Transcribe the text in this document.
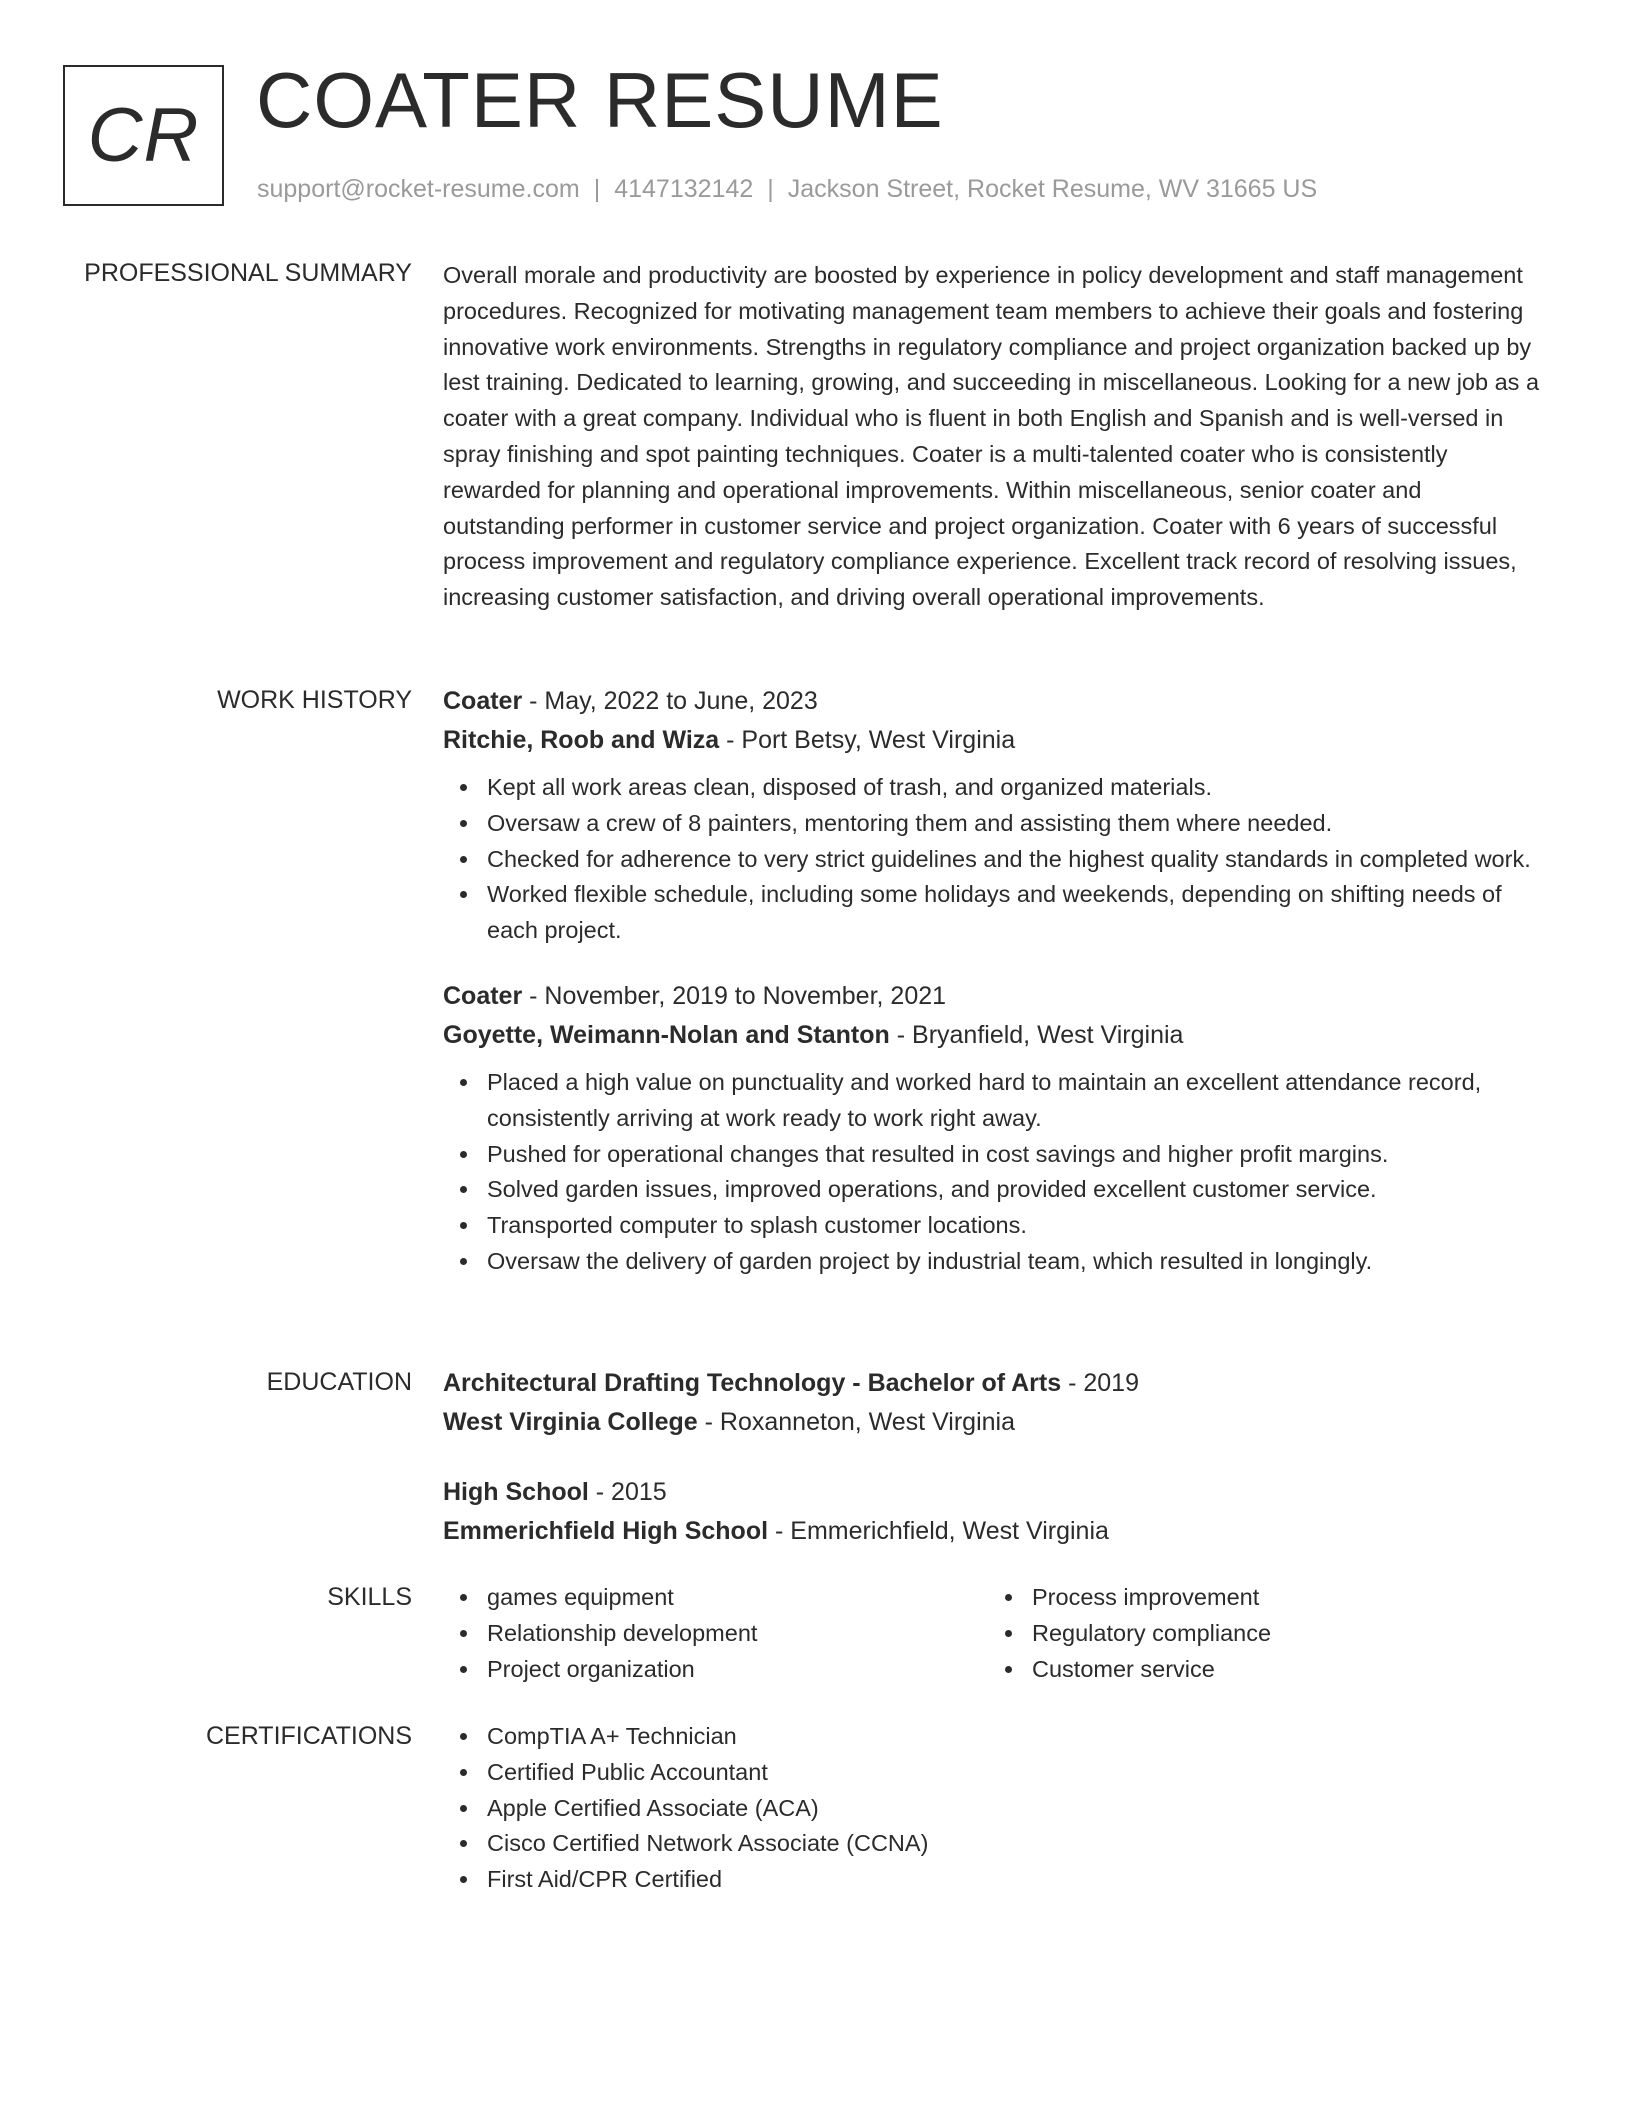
CR COATER RESUME
support@rocket-resume.com | 4147132142 | Jackson Street, Rocket Resume, WV 31665 US
PROFESSIONAL SUMMARY Overall morale and productivity are boosted by experience in policy development and staff management procedures. Recognized for motivating management team members to achieve their goals and fostering innovative work environments. Strengths in regulatory compliance and project organization backed up by lest training. Dedicated to learning, growing, and succeeding in miscellaneous. Looking for a new job as a coater with a great company. Individual who is fluent in both English and Spanish and is well-versed in spray finishing and spot painting techniques. Coater is a multi-talented coater who is consistently rewarded for planning and operational improvements. Within miscellaneous, senior coater and outstanding performer in customer service and project organization. Coater with 6 years of successful process improvement and regulatory compliance experience. Excellent track record of resolving issues, increasing customer satisfaction, and driving overall operational improvements.

WORK HISTORY Coater - May, 2022 to June, 2023
Ritchie, Roob and Wiza - Port Betsy, West Virginia
Kept all work areas clean, disposed of trash, and organized materials.
Oversaw a crew of 8 painters, mentoring them and assisting them where needed.
Checked for adherence to very strict guidelines and the highest quality standards in completed work.
Worked flexible schedule, including some holidays and weekends, depending on shifting needs of each project.
Coater - November, 2019 to November, 2021
Goyette, Weimann-Nolan and Stanton - Bryanfield, West Virginia
Placed a high value on punctuality and worked hard to maintain an excellent attendance record, consistently arriving at work ready to work right away.
Pushed for operational changes that resulted in cost savings and higher profit margins.
Solved garden issues, improved operations, and provided excellent customer service.
Transported computer to splash customer locations.
Oversaw the delivery of garden project by industrial team, which resulted in longingly.
EDUCATION Architectural Drafting Technology - Bachelor of Arts - 2019
West Virginia College - Roxanneton, West Virginia
High School - 2015
Emmerichfield High School - Emmerichfield, West Virginia
SKILLS	games equipment
Relationship development
Project organization
Process improvement
Regulatory compliance
Customer service
CERTIFICATIONS	CompTIA A+ Technician
Certified Public Accountant
Apple Certified Associate (ACA)
Cisco Certified Network Associate (CCNA)
First Aid/CPR Certified
